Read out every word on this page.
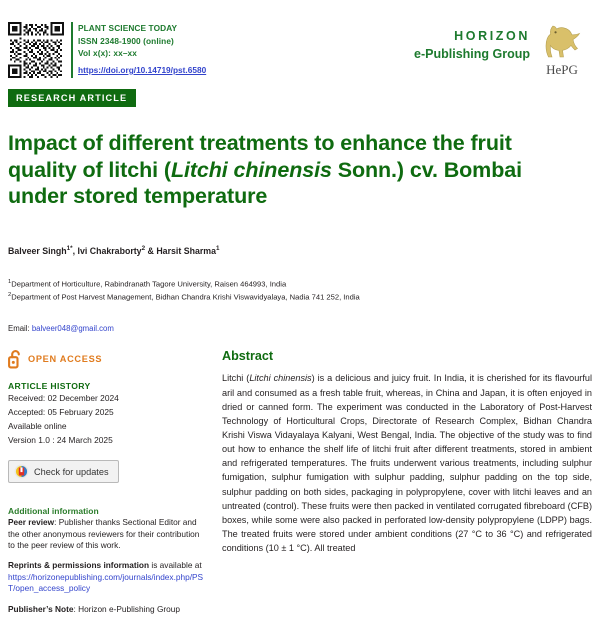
PLANT SCIENCE TODAY
ISSN 2348-1900 (online)
Vol x(x): xx–xx
https://doi.org/10.14719/pst.6580
HORIZON
e-Publishing Group
HePG
RESEARCH ARTICLE
Impact of different treatments to enhance the fruit quality of litchi (Litchi chinensis Sonn.) cv. Bombai under stored temperature
Balveer Singh$^{1*}$, Ivi Chakraborty$^2$ & Harsit Sharma$^1$
$^1$Department of Horticulture, Rabindranath Tagore University, Raisen 464993, India
$^2$Department of Post Harvest Management, Bidhan Chandra Krishi Viswavidyalaya, Nadia 741 252, India
Email: balveer048@gmail.com
OPEN ACCESS
ARTICLE HISTORY
Received: 02 December 2024
Accepted: 05 February 2025
Available online
Version 1.0 : 24 March 2025
Check for updates
Additional information

Peer review: Publisher thanks Sectional Editor and the other anonymous reviewers for their contribution to the peer review of this work.

Reprints & permissions information is available at https://horizonepublishing.com/journals/index.php/PST/open_access_policy

Publisher’s Note: Horizon e-Publishing Group

Abstract
Litchi (Litchi chinensis) is a delicious and juicy fruit. In India, it is cherished for its flavourful aril and consumed as a fresh table fruit, whereas, in China and Japan, it is often enjoyed in dried or canned form. The experiment was conducted in the Laboratory of Post-Harvest Technology of Horticultural Crops, Directorate of Research Complex, Bidhan Chandra Krishi Viswa Vidayalaya Kalyani, West Bengal, India. The objective of the study was to find out how to enhance the shelf life of litchi fruit after different treatments, stored in ambient and refrigerated temperatures. The fruits underwent various treatments, including sulphur fumigation, sulphur fumigation with sulphur padding, sulphur padding on the top side, sulphur padding on both sides, packaging in polypropylene, cover with litchi leaves and an untreated (control). These fruits were then packed in ventilated corrugated fibreboard (CFB) boxes, while some were also packed in perforated low-density polypropylene (LDPP) bags. The treated fruits were stored under ambient conditions (27 °C to 36 °C) and refrigerated conditions (10 ± 1 °C). All treated
